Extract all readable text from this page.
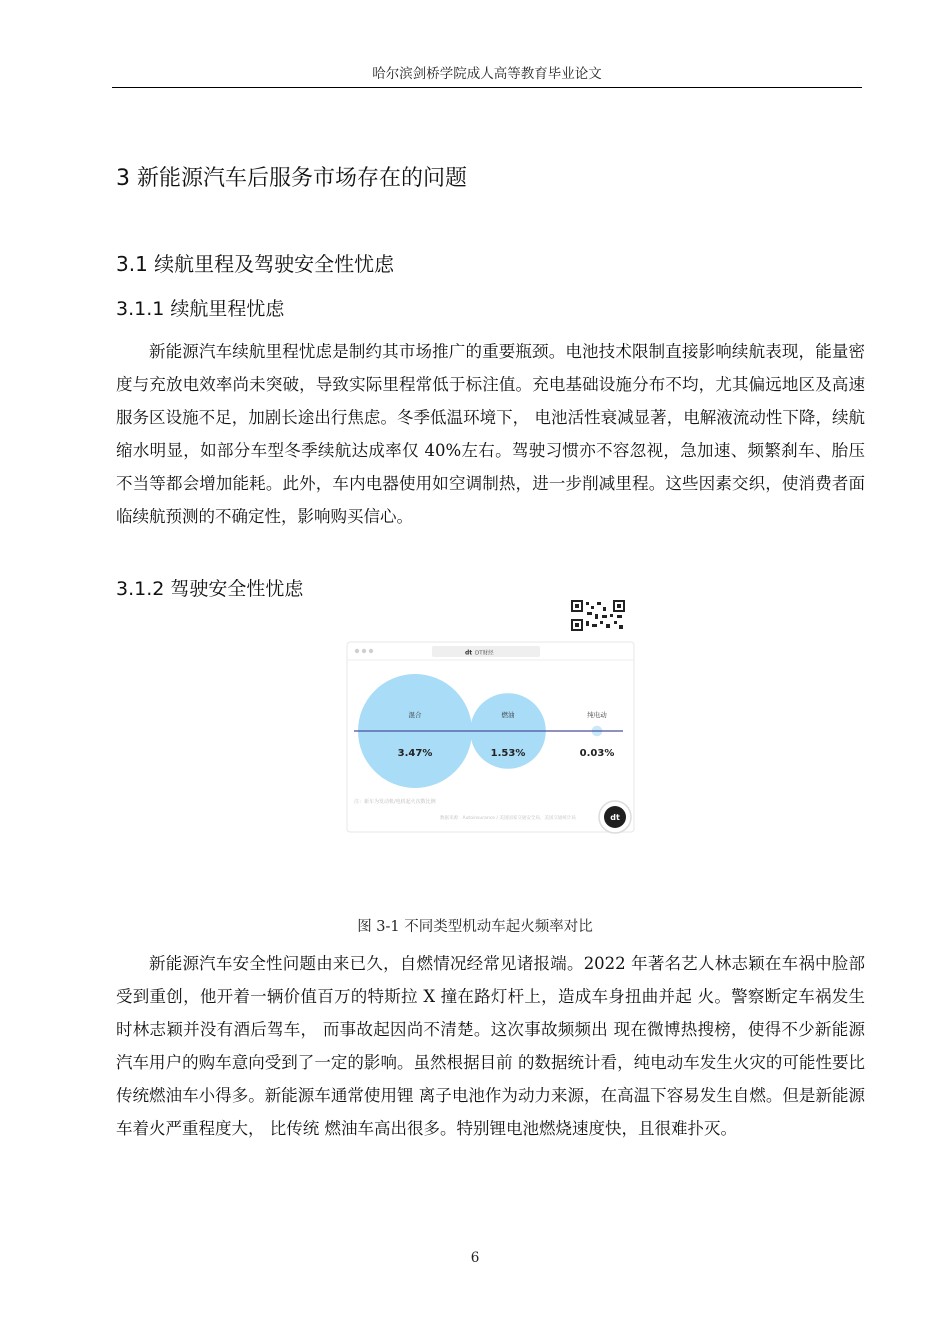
哈尔滨剑桥学院成人高等教育毕业论文
3 新能源汽车后服务市场存在的问题
3.1 续航里程及驾驶安全性忧虑
3.1.1 续航里程忧虑

新能源汽车续航里程忧虑是制约其市场推广的重要瓶颈。电池技术限制直接影响续航表现，能量密度与充放电效率尚未突破，导致实际里程常低于标注值。充电基础设施分布不均，尤其偏远地区及高速服务区设施不足，加剧长途出行焦虑。冬季低温环境下， 电池活性衰减显著，电解液流动性下降，续航缩水明显，如部分车型冬季续航达成率仅 40%左右。驾驶习惯亦不容忽视，急加速、频繁刹车、胎压不当等都会增加能耗。此外，车内电器使用如空调制热，进一步削减里程。这些因素交织，使消费者面临续航预测的不确定性，影响购买信心。

3.1.2 驾驶安全性忧虑
dt DT财经
混合	燃油	纯电动
3.47%	1.53%	0.03%
注：新车为发动机/电机起火次数比例
数据来源：Autoinsurance / 美国国家交通安全局，美国交通统计局	dt
图 3-1 不同类型机动车起火频率对比

新能源汽车安全性问题由来已久，自燃情况经常见诸报端。2022 年著名艺人林志颖在车祸中脸部受到重创，他开着一辆价值百万的特斯拉 X 撞在路灯杆上，造成车身扭曲并起 火。警察断定车祸发生时林志颖并没有酒后驾车， 而事故起因尚不清楚。这次事故频频出 现在微博热搜榜，使得不少新能源汽车用户的购车意向受到了一定的影响。虽然根据目前 的数据统计看，纯电动车发生火灾的可能性要比传统燃油车小得多。新能源车通常使用锂 离子电池作为动力来源，在高温下容易发生自燃。但是新能源车着火严重程度大， 比传统 燃油车高出很多。特别锂电池燃烧速度快，且很难扑灭。

6
